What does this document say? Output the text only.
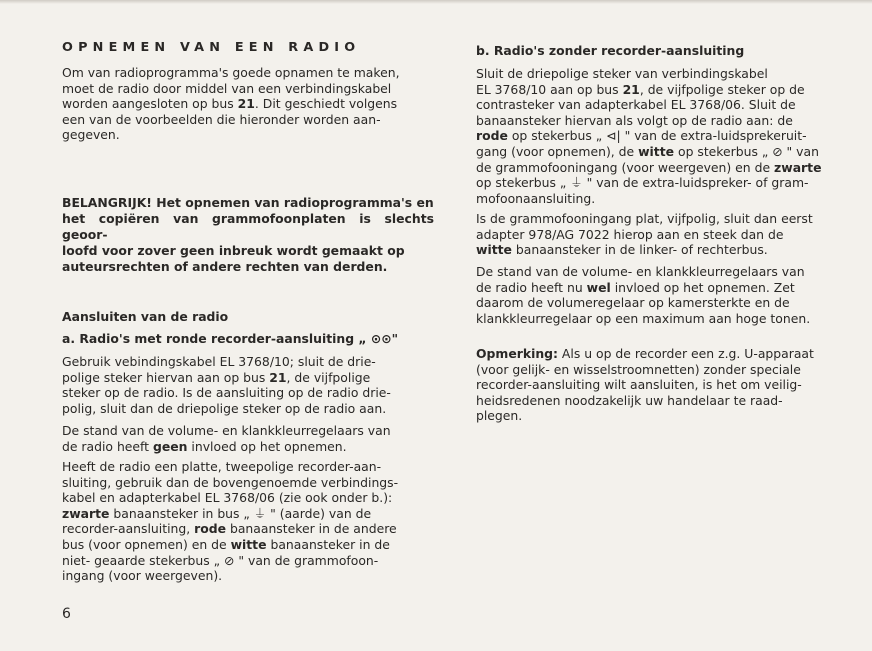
OPNEMEN VAN EEN RADIO

Om van radioprogramma's goede opnamen te maken,
moet de radio door middel van een verbindingskabel
worden aangesloten op bus 21. Dit geschiedt volgens
een van de voorbeelden die hieronder worden aan-
gegeven.

BELANGRIJK! Het opnemen van radioprogramma's en
het copiëren van grammofoonplaten is slechts geoor-
loofd voor zover geen inbreuk wordt gemaakt op
auteursrechten of andere rechten van derden.
Aansluiten van de radio
a. Radio's met ronde recorder-aansluiting „ ⊙⊙"

Gebruik vebindingskabel EL 3768/10; sluit de drie-
polige steker hiervan aan op bus 21, de vijfpolige
steker op de radio. Is de aansluiting op de radio drie-
polig, sluit dan de driepolige steker op de radio aan.

De stand van de volume- en klankkleurregelaars van
de radio heeft geen invloed op het opnemen.

Heeft de radio een platte, tweepolige recorder-aan-
sluiting, gebruik dan de bovengenoemde verbindings-
kabel en adapterkabel EL 3768/06 (zie ook onder b.):
zwarte banaansteker in bus „ ⏚ " (aarde) van de
recorder-aansluiting, rode banaansteker in de andere
bus (voor opnemen) en de witte banaansteker in de
niet- geaarde stekerbus „ ⊘ " van de grammofoon-
ingang (voor weergeven).

b. Radio's zonder recorder-aansluiting

Sluit de driepolige steker van verbindingskabel
EL 3768/10 aan op bus 21, de vijfpolige steker op de
contrasteker van adapterkabel EL 3768/06. Sluit de
banaansteker hiervan als volgt op de radio aan: de
rode op stekerbus „ ⊲| " van de extra-luidsprekeruit-
gang (voor opnemen), de witte op stekerbus „ ⊘ " van
de grammofooningang (voor weergeven) en de zwarte
op stekerbus „ ⏚ " van de extra-luidspreker- of gram-
mofoonaansluiting.

Is de grammofooningang plat, vijfpolig, sluit dan eerst
adapter 978/AG 7022 hierop aan en steek dan de
witte banaansteker in de linker- of rechterbus.

De stand van de volume- en klankkleurregelaars van
de radio heeft nu wel invloed op het opnemen. Zet
daarom de volumeregelaar op kamersterkte en de
klankkleurregelaar op een maximum aan hoge tonen.

Opmerking: Als u op de recorder een z.g. U-apparaat
(voor gelijk- en wisselstroomnetten) zonder speciale
recorder-aansluiting wilt aansluiten, is het om veilig-
heidsredenen noodzakelijk uw handelaar te raad-
plegen.

6
